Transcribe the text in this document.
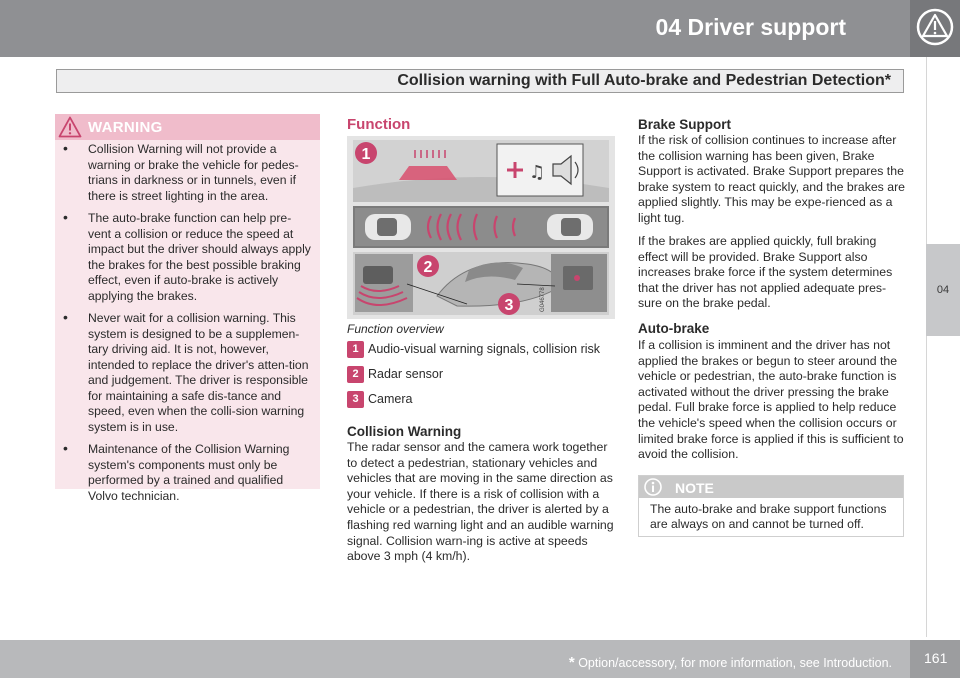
04 Driver support
Collision warning with Full Auto-brake and Pedestrian Detection*
04
WARNING
• Collision Warning will not provide a warning or brake the vehicle for pedes-trians in darkness or in tunnels, even if there is street lighting in the area.
• The auto-brake function can help pre-vent a collision or reduce the speed at impact but the driver should always apply the brakes for the best possible braking effect, even if auto-brake is actively applying the brakes.
• Never wait for a collision warning. This system is designed to be a supplemen-tary driving aid. It is not, however, intended to replace the driver's atten-tion and judgement. The driver is responsible for maintaining a safe dis-tance and speed, even when the colli-sion warning system is in use.
• Maintenance of the Collision Warning system's components must only be performed by a trained and qualified Volvo technician.
Function
♫
1
2
3	G046778
Function overview
1 Audio-visual warning signals, collision risk
2 Radar sensor
3 Camera
Collision Warning

The radar sensor and the camera work together to detect a pedestrian, stationary vehicles and vehicles that are moving in the same direction as your vehicle. If there is a risk of collision with a vehicle or a pedestrian, the driver is alerted by a flashing red warning light and an audible warning signal. Collision warn-ing is active at speeds above 3 mph (4 km/h).

Brake Support

If the risk of collision continues to increase after the collision warning has been given, Brake Support is activated. Brake Support prepares the brake system to react quickly, and the brakes are applied slightly. This may be expe-rienced as a light tug.

If the brakes are applied quickly, full braking effect will be provided. Brake Support also increases brake force if the system determines that the driver has not applied adequate pres-sure on the brake pedal.

Auto-brake

If a collision is imminent and the driver has not applied the brakes or begun to steer around the vehicle or pedestrian, the auto-brake function is activated without the driver pressing the brake pedal. Full brake force is applied to help reduce the vehicle's speed when the collision occurs or limited brake force is applied if this is sufficient to avoid the collision.

NOTE

The auto-brake and brake support functions are always on and cannot be turned off.

* Option/accessory, for more information, see Introduction. 161
